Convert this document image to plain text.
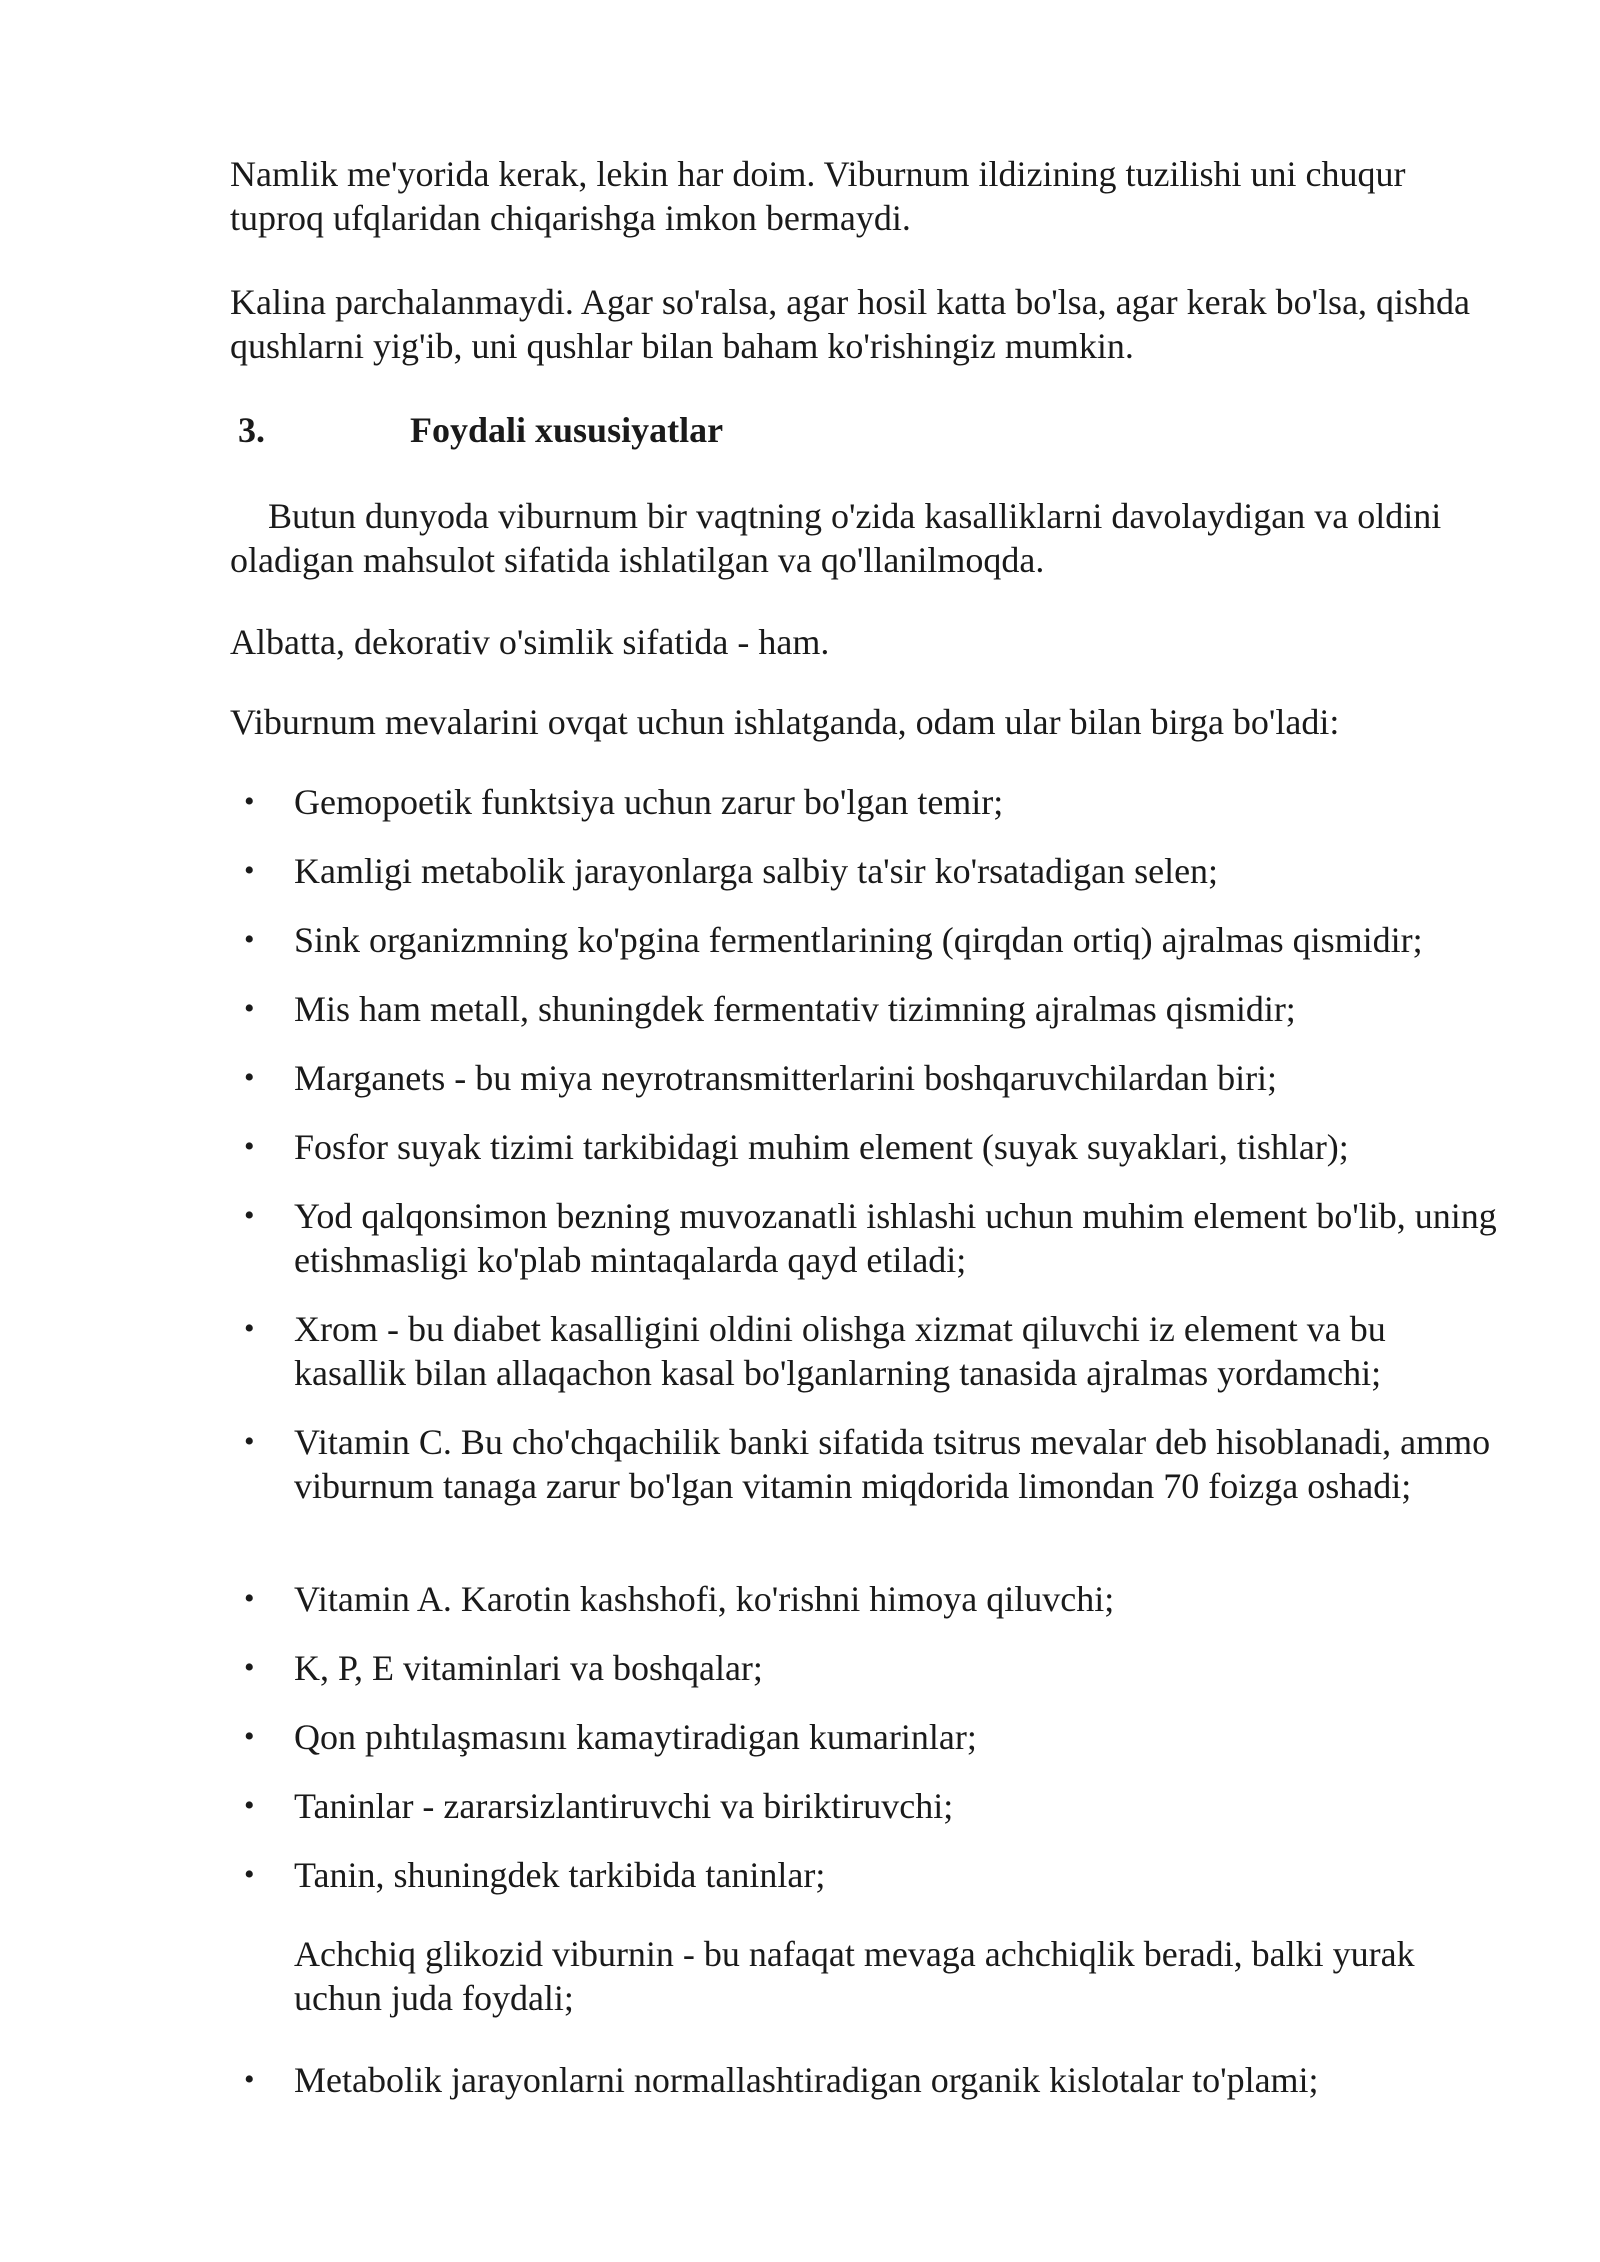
Namlik me'yorida kerak, lekin har doim. Viburnum ildizining tuzilishi uni chuqur tuproq ufqlaridan chiqarishga imkon bermaydi.

Kalina parchalanmaydi. Agar so'ralsa, agar hosil katta bo'lsa, agar kerak bo'lsa, qishda qushlarni yig'ib, uni qushlar bilan baham ko'rishingiz mumkin.

3.	Foydali xususiyatlar

Butun dunyoda viburnum bir vaqtning o'zida kasalliklarni davolaydigan va oldini oladigan mahsulot sifatida ishlatilgan va qo'llanilmoqda.

Albatta, dekorativ o'simlik sifatida - ham.

Viburnum mevalarini ovqat uchun ishlatganda, odam ular bilan birga bo'ladi:

• Gemopoetik funktsiya uchun zarur bo'lgan temir;
• Kamligi metabolik jarayonlarga salbiy ta'sir ko'rsatadigan selen;
• Sink organizmning ko'pgina fermentlarining (qirqdan ortiq) ajralmas qismidir;
• Mis ham metall, shuningdek fermentativ tizimning ajralmas qismidir;
• Marganets - bu miya neyrotransmitterlarini boshqaruvchilardan biri;
• Fosfor suyak tizimi tarkibidagi muhim element (suyak suyaklari, tishlar);
• Yod qalqonsimon bezning muvozanatli ishlashi uchun muhim element bo'lib, uning etishmasligi ko'plab mintaqalarda qayd etiladi;
• Xrom - bu diabet kasalligini oldini olishga xizmat qiluvchi iz element va bu kasallik bilan allaqachon kasal bo'lganlarning tanasida ajralmas yordamchi;
• Vitamin C. Bu cho'chqachilik banki sifatida tsitrus mevalar deb hisoblanadi, ammo viburnum tanaga zarur bo'lgan vitamin miqdorida limondan 70 foizga oshadi;
• Vitamin A. Karotin kashshofi, ko'rishni himoya qiluvchi;
• K, P, E vitaminlari va boshqalar;
• Qon pıhtılaşmasını kamaytiradigan kumarinlar;
• Taninlar - zararsizlantiruvchi va biriktiruvchi;
• Tanin, shuningdek tarkibida taninlar;

Achchiq glikozid viburnin - bu nafaqat mevaga achchiqlik beradi, balki yurak uchun juda foydali;

• Metabolik jarayonlarni normallashtiradigan organik kislotalar to'plami;
